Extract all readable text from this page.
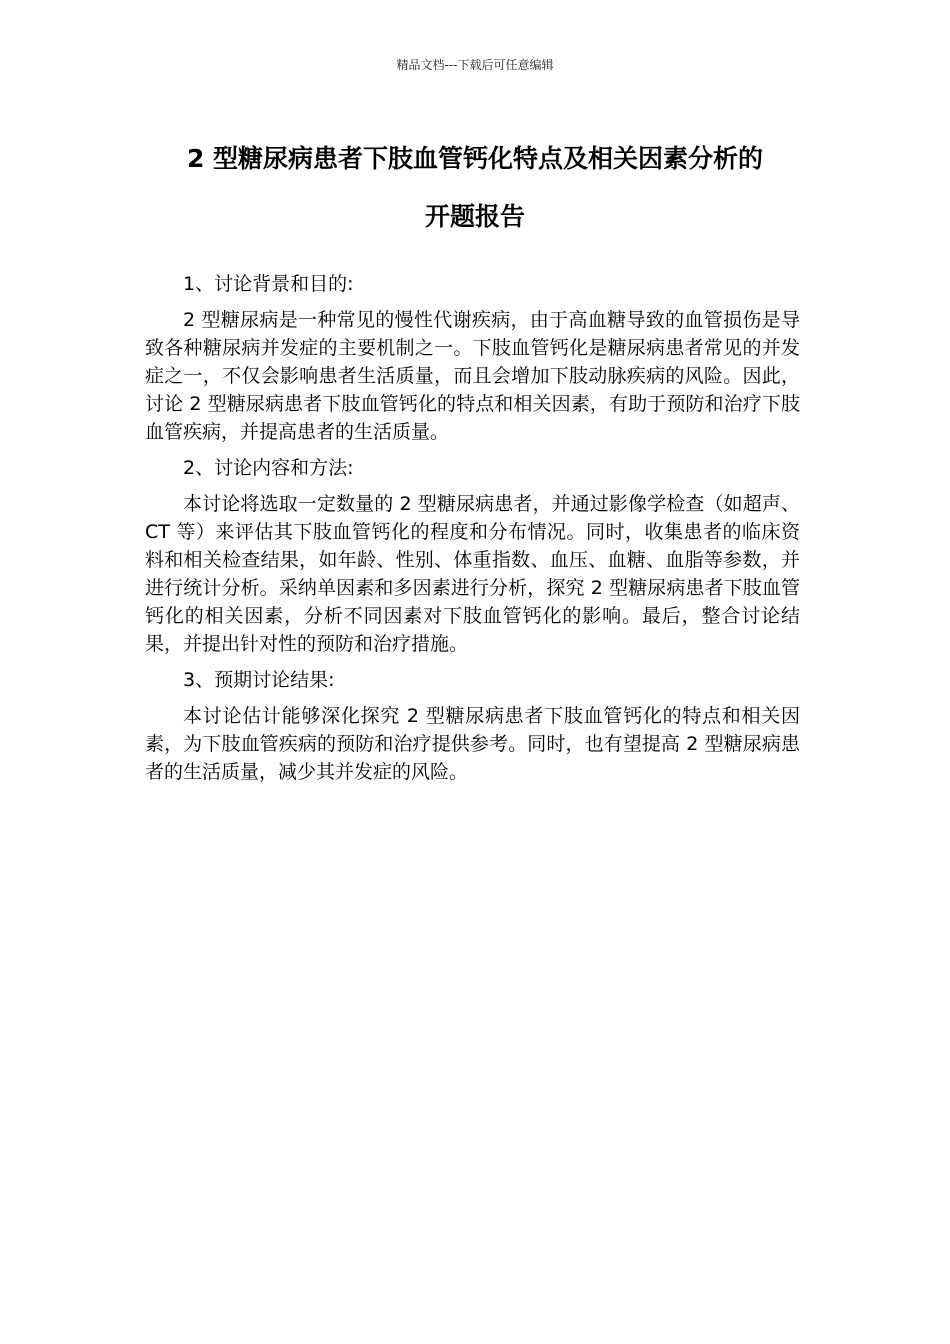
精品文档---下载后可任意编辑
2 型糖尿病患者下肢血管钙化特点及相关因素分析的
开题报告

1、讨论背景和目的:

2 型糖尿病是一种常见的慢性代谢疾病，由于高血糖导致的血管损伤是导致各种糖尿病并发症的主要机制之一。下肢血管钙化是糖尿病患者常见的并发症之一，不仅会影响患者生活质量，而且会增加下肢动脉疾病的风险。因此，讨论 2 型糖尿病患者下肢血管钙化的特点和相关因素，有助于预防和治疗下肢血管疾病，并提高患者的生活质量。

2、讨论内容和方法:

本讨论将选取一定数量的 2 型糖尿病患者，并通过影像学检查（如超声、CT 等）来评估其下肢血管钙化的程度和分布情况。同时，收集患者的临床资料和相关检查结果，如年龄、性别、体重指数、血压、血糖、血脂等参数，并进行统计分析。采纳单因素和多因素进行分析，探究 2 型糖尿病患者下肢血管钙化的相关因素，分析不同因素对下肢血管钙化的影响。最后，整合讨论结果，并提出针对性的预防和治疗措施。

3、预期讨论结果:

本讨论估计能够深化探究 2 型糖尿病患者下肢血管钙化的特点和相关因素，为下肢血管疾病的预防和治疗提供参考。同时，也有望提高 2 型糖尿病患者的生活质量，减少其并发症的风险。
